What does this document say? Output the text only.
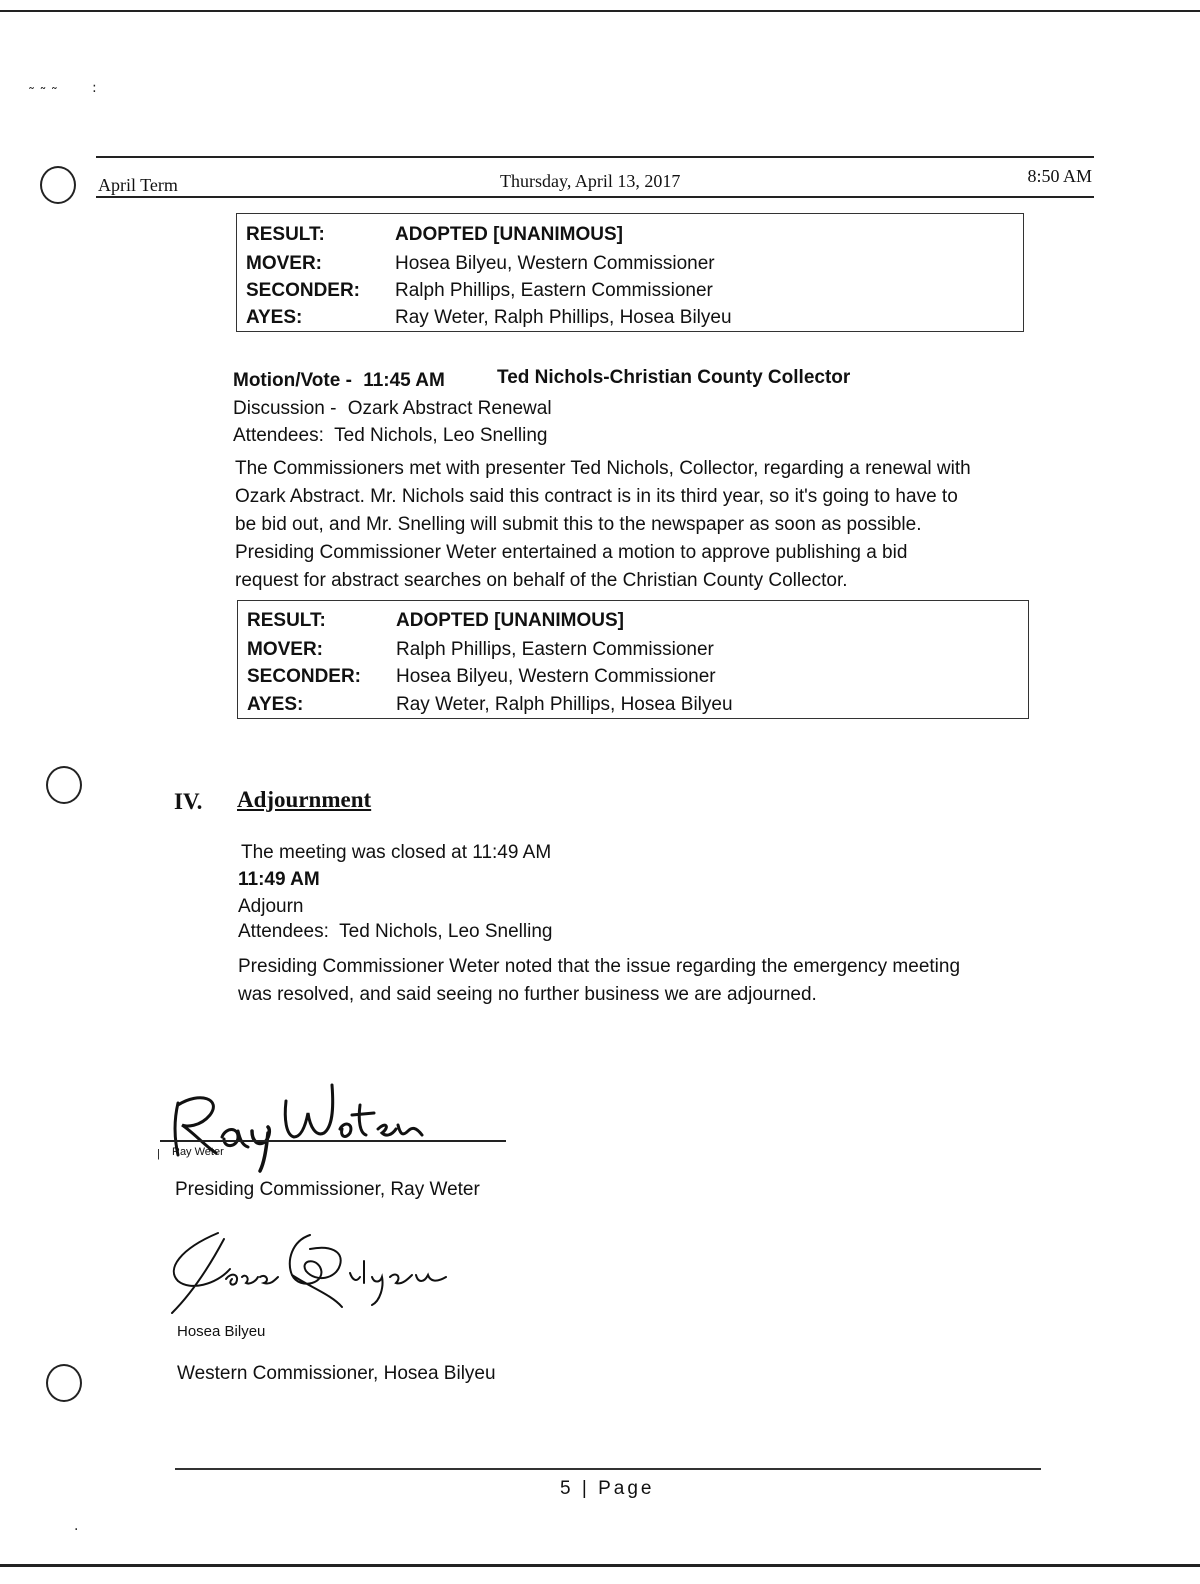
˜ ˜ ˜ :
·
April Term	Thursday, April 13, 2017	8:50 AM
RESULT:	ADOPTED [UNANIMOUS]
MOVER:	Hosea Bilyeu, Western Commissioner
SECONDER: Ralph Phillips, Eastern Commissioner
AYES:	Ray Weter, Ralph Phillips, Hosea Bilyeu
Motion/Vote - 11:45 AM	Ted Nichols-Christian County Collector
Discussion - Ozark Abstract Renewal
Attendees: Ted Nichols, Leo Snelling
The Commissioners met with presenter Ted Nichols, Collector, regarding a renewal with
Ozark Abstract. Mr. Nichols said this contract is in its third year, so it's going to have to
be bid out, and Mr. Snelling will submit this to the newspaper as soon as possible.
Presiding Commissioner Weter entertained a motion to approve publishing a bid
request for abstract searches on behalf of the Christian County Collector.
RESULT:	ADOPTED [UNANIMOUS]
MOVER:	Ralph Phillips, Eastern Commissioner
SECONDER: Hosea Bilyeu, Western Commissioner
AYES:	Ray Weter, Ralph Phillips, Hosea Bilyeu
IV. Adjournment
The meeting was closed at 11:49 AM
11:49 AM
Adjourn
Attendees: Ted Nichols, Leo Snelling
Presiding Commissioner Weter noted that the issue regarding the emergency meeting
was resolved, and said seeing no further business we are adjourned.
| Ray Weter
Presiding Commissioner, Ray Weter
Hosea Bilyeu
Western Commissioner, Hosea Bilyeu
5 | Page
